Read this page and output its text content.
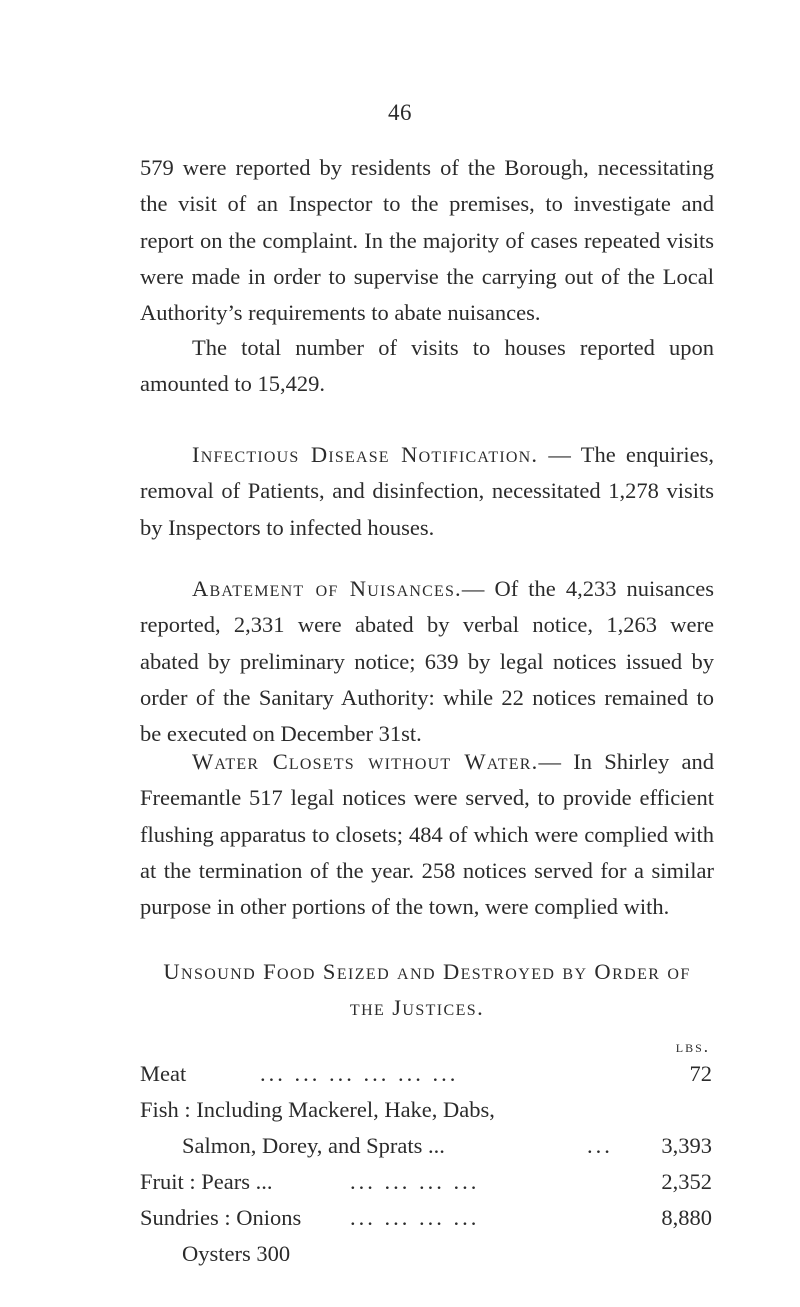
46

579 were reported by residents of the Borough, necessitating the visit of an Inspector to the premises, to investigate and report on the complaint. In the majority of cases repeated visits were made in order to supervise the carrying out of the Local Authority’s requirements to abate nuisances.

The total number of visits to houses reported upon amounted to 15,429.

Infectious Disease Notification. — The enquiries, removal of Patients, and disinfection, necessitated 1,278 visits by Inspectors to infected houses.

Abatement of Nuisances.— Of the 4,233 nuisances reported, 2,331 were abated by verbal notice, 1,263 were abated by preliminary notice; 639 by legal notices issued by order of the Sanitary Authority: while 22 notices remained to be executed on December 31st.

Water Closets without Water.— In Shirley and Freemantle 517 legal notices were served, to provide efficient flushing apparatus to closets; 484 of which were complied with at the termination of the year. 258 notices served for a similar purpose in other portions of the town, were complied with.

Unsound Food Seized and Destroyed by Order of
the Justices.
lbs.
Meat	... ... ... ... ... ...	72
Fish : Including Mackerel, Hake, Dabs,
Salmon, Dorey, and Sprats ...	... 3,393
Fruit : Pears ...	... ... ... ...	2,352
Sundries : Onions ... ... ... ...	8,880
Oysters 300
